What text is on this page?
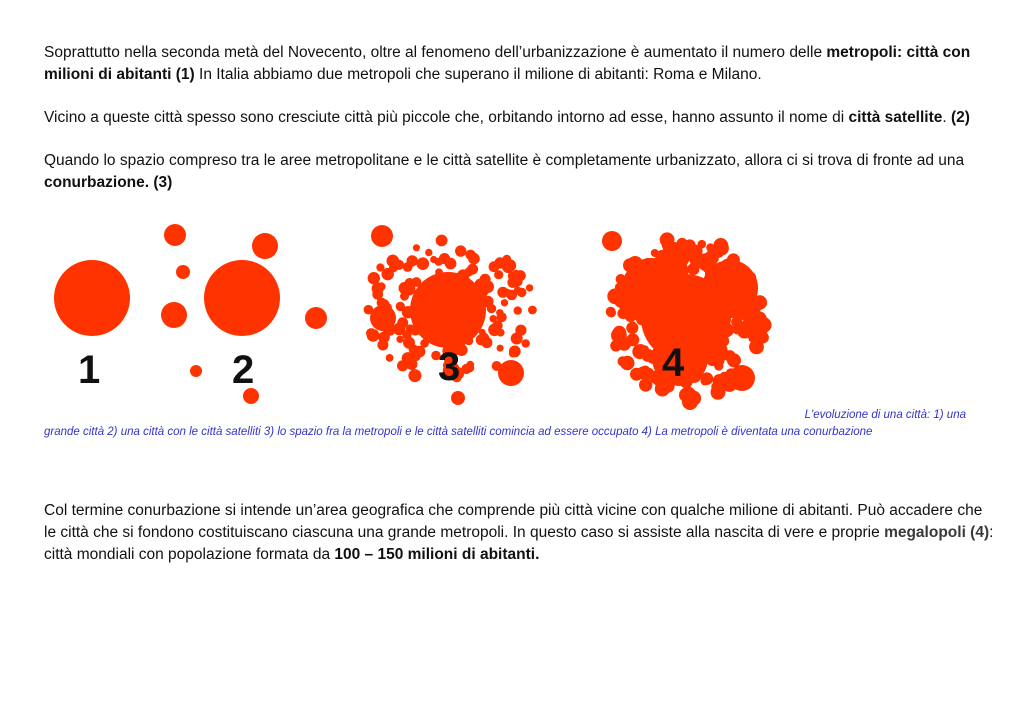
Soprattutto nella seconda metà del Novecento, oltre al fenomeno dell’urbanizzazione è aumentato il numero delle metropoli: città con milioni di abitanti (1) In Italia abbiamo due metropoli che superano il milione di abitanti: Roma e Milano.
Vicino a queste città spesso sono cresciute città più piccole che, orbitando intorno ad esse, hanno assunto il nome di città satellite. (2)
Quando lo spazio compreso tra le aree metropolitane e le città satellite è completamente urbanizzato, allora ci si trova di fronte ad una conurbazione. (3)
1	2	3	4
L'evoluzione di una città: 1) una
grande città 2) una città con le città satelliti 3) lo spazio fra la metropoli e le città satelliti comincia ad essere occupato 4) La metropoli è diventata una conurbazione
Col termine conurbazione si intende un’area geografica che comprende più città vicine con qualche milione di abitanti. Può accadere che le città che si fondono costituiscano ciascuna una grande metropoli. In questo caso si assiste alla nascita di vere e proprie megalopoli (4): città mondiali con popolazione formata da 100 – 150 milioni di abitanti.
